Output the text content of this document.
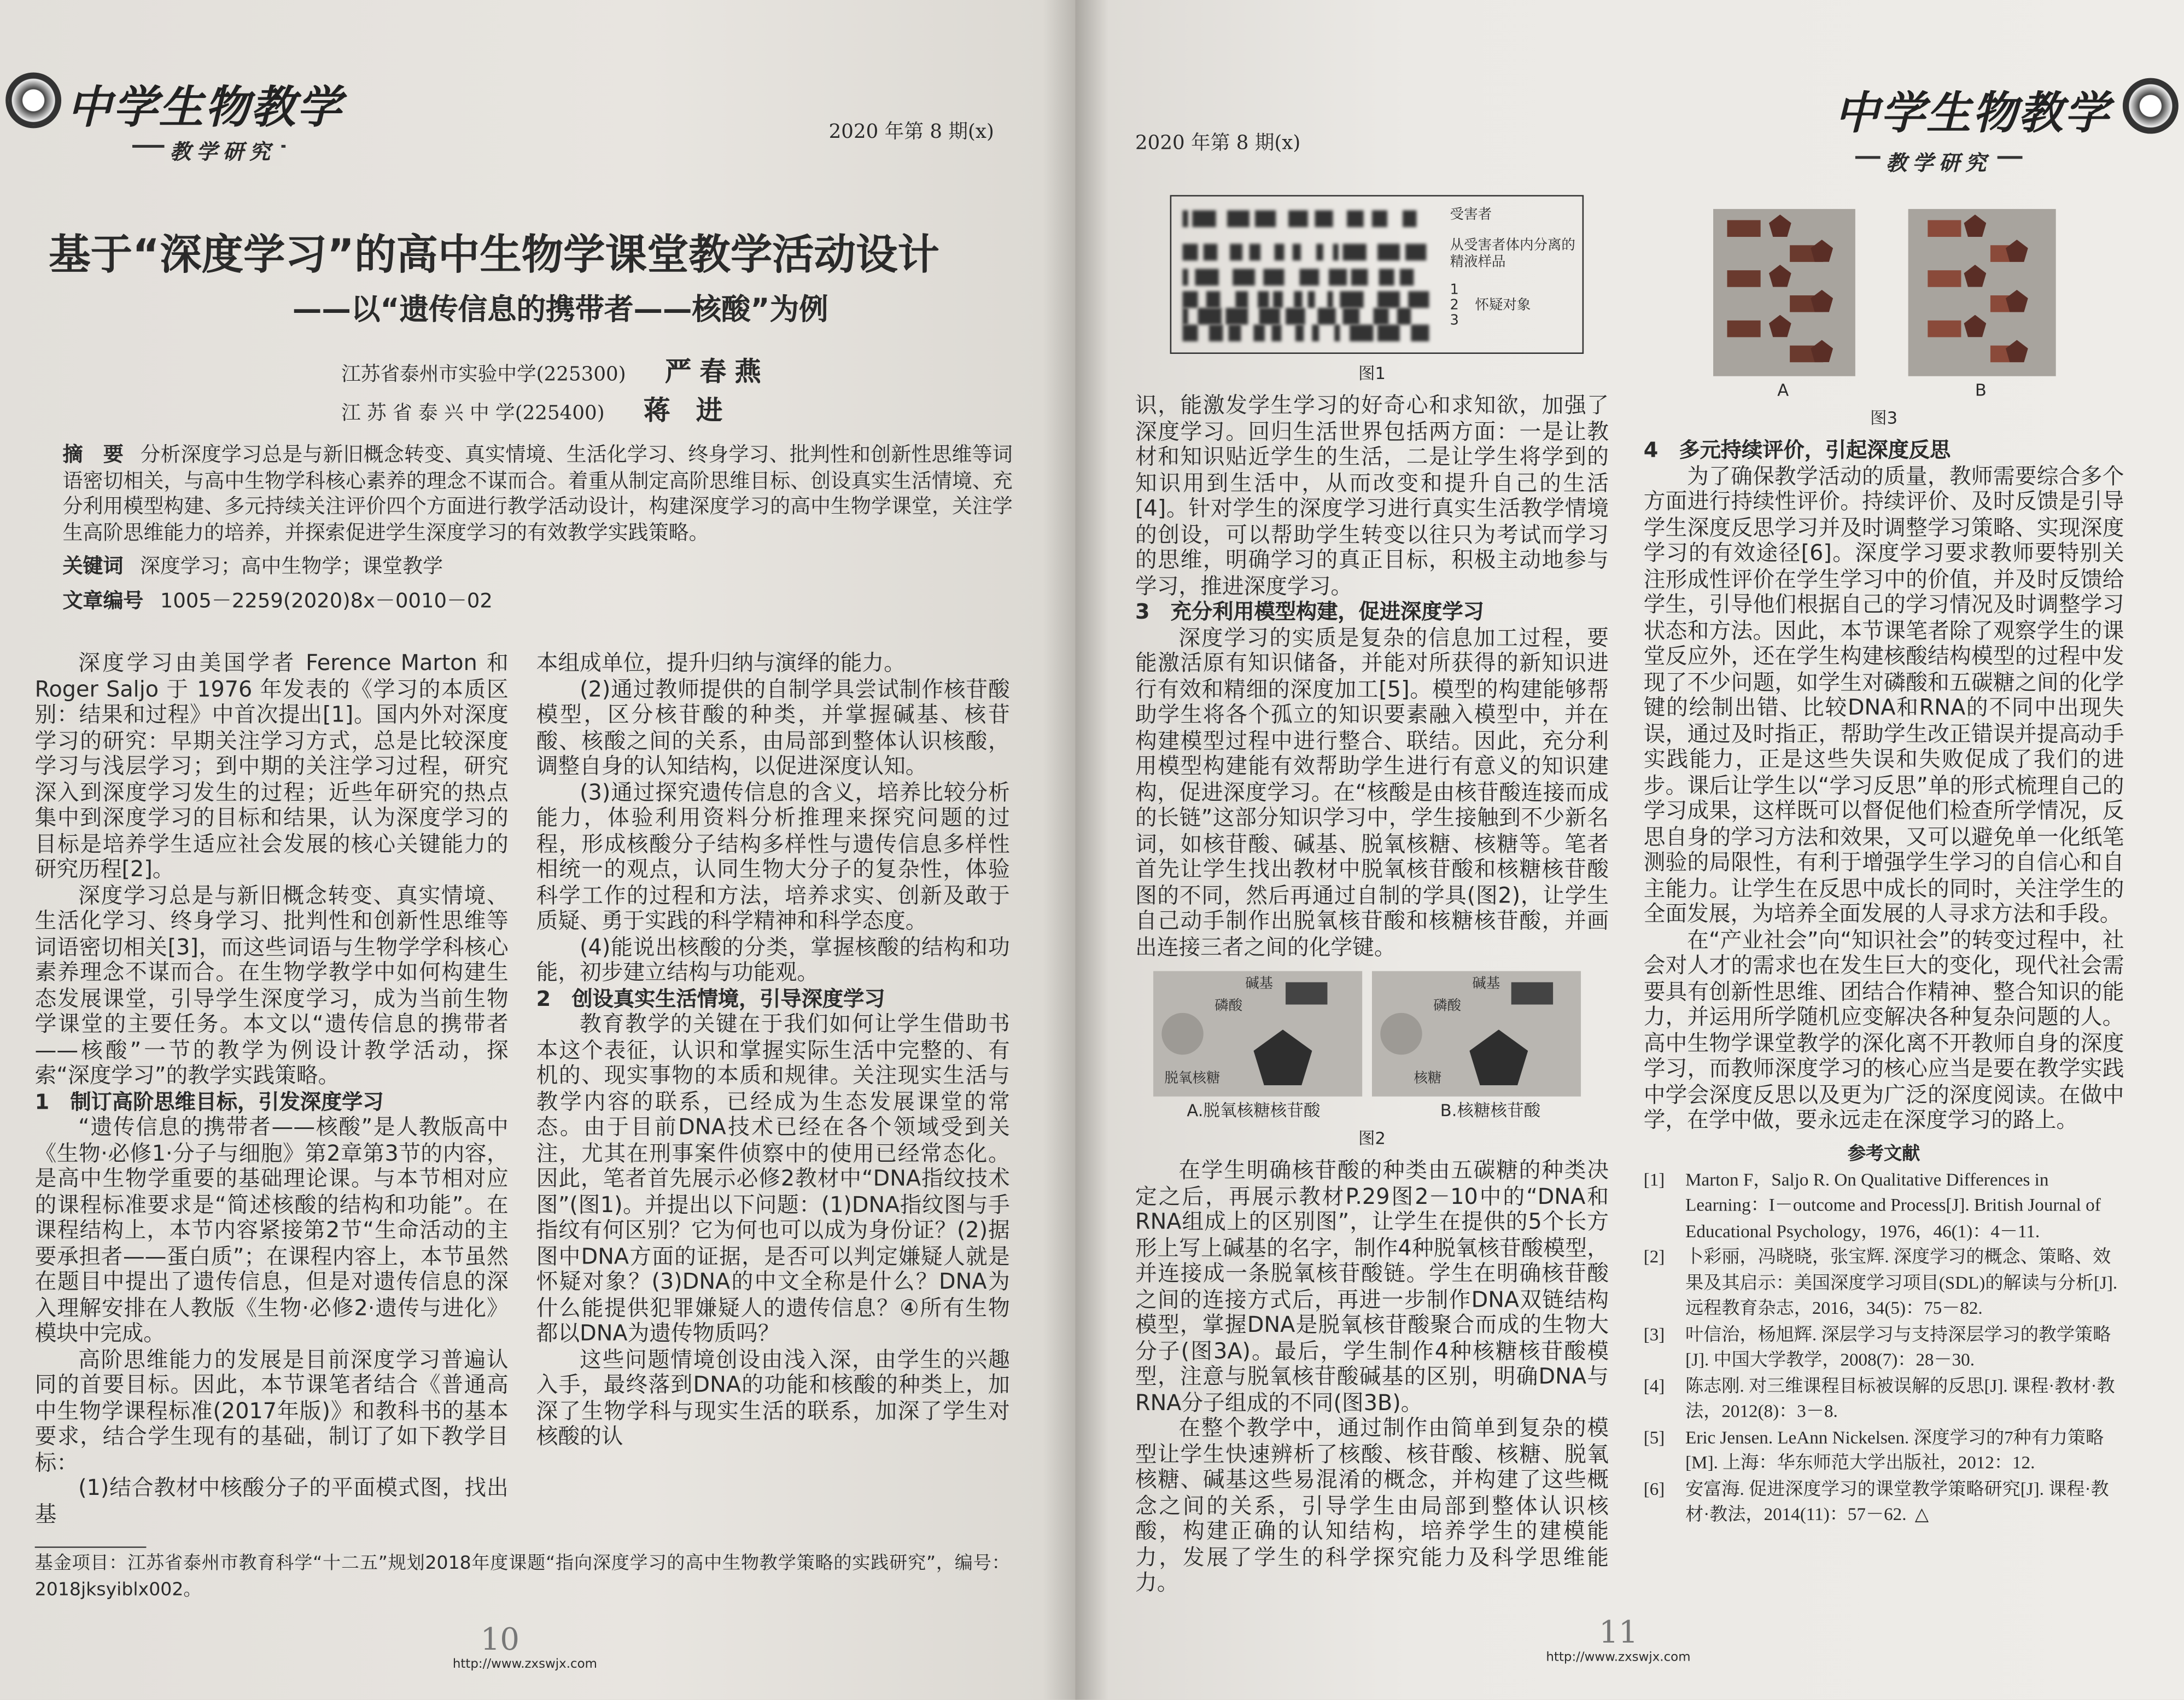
中学生物教学
教学研究
2020 年第 8 期(x)
基于“深度学习”的高中生物学课堂教学活动设计
——以“遗传信息的携带者——核酸”为例
江苏省泰州市实验中学(225300)	严春燕
江 苏 省 泰 兴 中 学(225400)	蒋 进
摘　要 分析深度学习总是与新旧概念转变、真实情境、生活化学习、终身学习、批判性和创新性思维等词语密切相关，与高中生物学科核心素养的理念不谋而合。着重从制定高阶思维目标、创设真实生活情境、充分利用模型构建、多元持续关注评价四个方面进行教学活动设计，构建深度学习的高中生物学课堂，关注学生高阶思维能力的培养，并探索促进学生深度学习的有效教学实践策略。
关键词 深度学习；高中生物学；课堂教学
文章编号 1005－2259(2020)8x－0010－02

深度学习由美国学者 Ference Marton 和 Roger Saljo 于 1976 年发表的《学习的本质区别：结果和过程》中首次提出[1]。国内外对深度学习的研究：早期关注学习方式，总是比较深度学习与浅层学习；到中期的关注学习过程，研究深入到深度学习发生的过程；近些年研究的热点集中到深度学习的目标和结果，认为深度学习的目标是培养学生适应社会发展的核心关键能力的研究历程[2]。

深度学习总是与新旧概念转变、真实情境、生活化学习、终身学习、批判性和创新性思维等词语密切相关[3]，而这些词语与生物学学科核心素养理念不谋而合。在生物学教学中如何构建生态发展课堂，引导学生深度学习，成为当前生物学课堂的主要任务。本文以“遗传信息的携带者——核酸”一节的教学为例设计教学活动，探索“深度学习”的教学实践策略。

1　制订高阶思维目标，引发深度学习

“遗传信息的携带者——核酸”是人教版高中《生物·必修1·分子与细胞》第2章第3节的内容，是高中生物学重要的基础理论课。与本节相对应的课程标准要求是“简述核酸的结构和功能”。在课程结构上，本节内容紧接第2节“生命活动的主要承担者——蛋白质”；在课程内容上，本节虽然在题目中提出了遗传信息，但是对遗传信息的深入理解安排在人教版《生物·必修2·遗传与进化》模块中完成。

高阶思维能力的发展是目前深度学习普遍认同的首要目标。因此，本节课笔者结合《普通高中生物学课程标准(2017年版)》和教科书的基本要求，结合学生现有的基础，制订了如下教学目标：

(1)结合教材中核酸分子的平面模式图，找出基

本组成单位，提升归纳与演绎的能力。

(2)通过教师提供的自制学具尝试制作核苷酸模型，区分核苷酸的种类，并掌握碱基、核苷酸、核酸之间的关系，由局部到整体认识核酸，调整自身的认知结构，以促进深度认知。

(3)通过探究遗传信息的含义，培养比较分析能力，体验利用资料分析推理来探究问题的过程，形成核酸分子结构多样性与遗传信息多样性相统一的观点，认同生物大分子的复杂性，体验科学工作的过程和方法，培养求实、创新及敢于质疑、勇于实践的科学精神和科学态度。

(4)能说出核酸的分类，掌握核酸的结构和功能，初步建立结构与功能观。

2　创设真实生活情境，引导深度学习

教育教学的关键在于我们如何让学生借助书本这个表征，认识和掌握实际生活中完整的、有机的、现实事物的本质和规律。关注现实生活与教学内容的联系，已经成为生态发展课堂的常态。由于目前DNA技术已经在各个领域受到关注，尤其在刑事案件侦察中的使用已经常态化。因此，笔者首先展示必修2教材中“DNA指纹技术图”(图1)。并提出以下问题：(1)DNA指纹图与手指纹有何区别？它为何也可以成为身份证？(2)据图中DNA方面的证据，是否可以判定嫌疑人就是怀疑对象？(3)DNA的中文全称是什么？DNA为什么能提供犯罪嫌疑人的遗传信息？④所有生物都以DNA为遗传物质吗？

这些问题情境创设由浅入深，由学生的兴趣入手，最终落到DNA的功能和核酸的种类上，加深了生物学科与现实生活的联系，加深了学生对核酸的认

基金项目：江苏省泰州市教育科学“十二五”规划2018年度课题“指向深度学习的高中生物教学策略的实践研究”，编号：2018jksyiblx002。
10
http://www.zxswjx.com
2020 年第 8 期(x)
中学生物教学
教学研究
受害者
从受害者体内分离的精液样品
1
2
3
怀疑对象
图1

识，能激发学生学习的好奇心和求知欲，加强了深度学习。回归生活世界包括两方面：一是让教材和知识贴近学生的生活，二是让学生将学到的知识用到生活中，从而改变和提升自己的生活[4]。针对学生的深度学习进行真实生活教学情境的创设，可以帮助学生转变以往只为考试而学习的思维，明确学习的真正目标，积极主动地参与学习，推进深度学习。

3　充分利用模型构建，促进深度学习

深度学习的实质是复杂的信息加工过程，要能激活原有知识储备，并能对所获得的新知识进行有效和精细的深度加工[5]。模型的构建能够帮助学生将各个孤立的知识要素融入模型中，并在构建模型过程中进行整合、联结。因此，充分利用模型构建能有效帮助学生进行有意义的知识建构，促进深度学习。在“核酸是由核苷酸连接而成的长链”这部分知识学习中，学生接触到不少新名词，如核苷酸、碱基、脱氧核糖、核糖等。笔者首先让学生找出教材中脱氧核苷酸和核糖核苷酸图的不同，然后再通过自制的学具(图2)，让学生自己动手制作出脱氧核苷酸和核糖核苷酸，并画出连接三者之间的化学键。

碱基
磷酸
脱氧核糖
碱基
磷酸
核糖
A.脱氧核糖核苷酸	B.核糖核苷酸
图2

在学生明确核苷酸的种类由五碳糖的种类决定之后，再展示教材P.29图2－10中的“DNA和RNA组成上的区别图”，让学生在提供的5个长方形上写上碱基的名字，制作4种脱氧核苷酸模型，并连接成一条脱氧核苷酸链。学生在明确核苷酸之间的连接方式后，再进一步制作DNA双链结构模型，掌握DNA是脱氧核苷酸聚合而成的生物大分子(图3A)。最后，学生制作4种核糖核苷酸模型，注意与脱氧核苷酸碱基的区别，明确DNA与RNA分子组成的不同(图3B)。

在整个教学中，通过制作由简单到复杂的模型让学生快速辨析了核酸、核苷酸、核糖、脱氧核糖、碱基这些易混淆的概念，并构建了这些概念之间的关系，引导学生由局部到整体认识核酸，构建正确的认知结构，培养学生的建模能力，发展了学生的科学探究能力及科学思维能力。

A	B
图3
4　多元持续评价，引起深度反思

为了确保教学活动的质量，教师需要综合多个方面进行持续性评价。持续评价、及时反馈是引导学生深度反思学习并及时调整学习策略、实现深度学习的有效途径[6]。深度学习要求教师要特别关注形成性评价在学生学习中的价值，并及时反馈给学生，引导他们根据自己的学习情况及时调整学习状态和方法。因此，本节课笔者除了观察学生的课堂反应外，还在学生构建核酸结构模型的过程中发现了不少问题，如学生对磷酸和五碳糖之间的化学键的绘制出错、比较DNA和RNA的不同中出现失误，通过及时指正，帮助学生改正错误并提高动手实践能力，正是这些失误和失败促成了我们的进步。课后让学生以“学习反思”单的形式梳理自己的学习成果，这样既可以督促他们检查所学情况，反思自身的学习方法和效果，又可以避免单一化纸笔测验的局限性，有利于增强学生学习的自信心和自主能力。让学生在反思中成长的同时，关注学生的全面发展，为培养全面发展的人寻求方法和手段。

在“产业社会”向“知识社会”的转变过程中，社会对人才的需求也在发生巨大的变化，现代社会需要具有创新性思维、团结合作精神、整合知识的能力，并运用所学随机应变解决各种复杂问题的人。高中生物学课堂教学的深化离不开教师自身的深度学习，而教师深度学习的核心应当是要在教学实践中学会深度反思以及更为广泛的深度阅读。在做中学，在学中做，要永远走在深度学习的路上。

参考文献
[1]	Marton F，Saljo R. On Qualitative Differences in Learning：I－outcome and Process[J]. British Journal of Educational Psychology，1976，46(1)：4－11.
[2]	卜彩丽，冯晓晓，张宝辉. 深度学习的概念、策略、效果及其启示：美国深度学习项目(SDL)的解读与分析[J]. 远程教育杂志，2016，34(5)：75－82.
[3]	叶信治，杨旭辉. 深层学习与支持深层学习的教学策略[J]. 中国大学教学，2008(7)：28－30.
[4]	陈志刚. 对三维课程目标被误解的反思[J]. 课程·教材·教法，2012(8)：3－8.
[5]	Eric Jensen. LeAnn Nickelsen. 深度学习的7种有力策略[M]. 上海：华东师范大学出版社，2012：12.
[6]	安富海. 促进深度学习的课堂教学策略研究[J]. 课程·教材·教法，2014(11)：57－62. △
11
http://www.zxswjx.com
